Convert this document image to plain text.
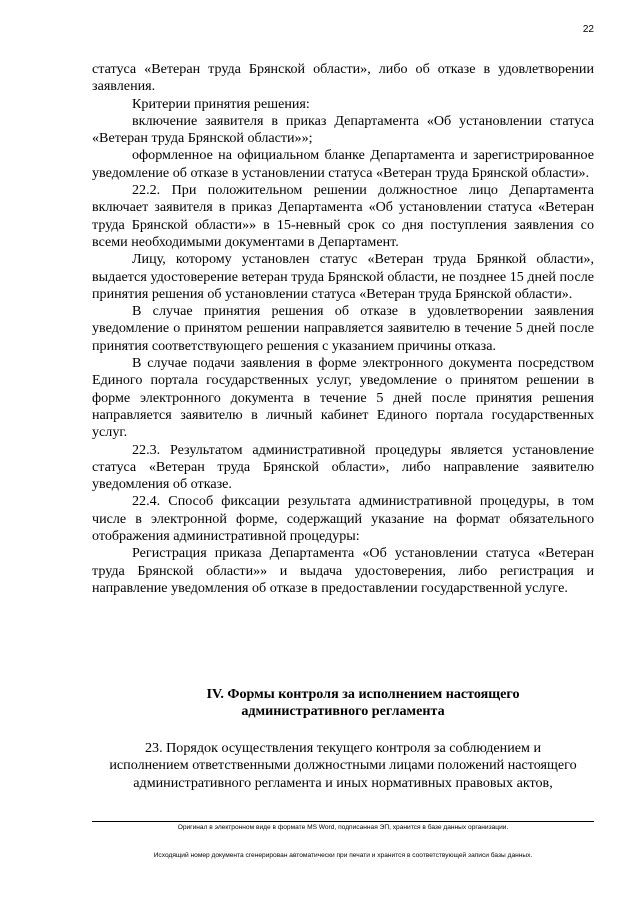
22

статуса «Ветеран труда Брянской области», либо об отказе в удовлетворении заявления.

Критерии принятия решения:

включение заявителя в приказ Департамента «Об установлении статуса «Ветеран труда Брянской области»»;

оформленное на официальном бланке Департамента и зарегистрированное уведомление об отказе в установлении статуса «Ветеран труда Брянской области».

22.2. При положительном решении должностное лицо Департамента включает заявителя в приказ Департамента «Об установлении статуса «Ветеран труда Брянской области»» в 15-невный срок со дня поступления заявления со всеми необходимыми документами в Департамент.

Лицу, которому установлен статус «Ветеран труда Брянкой области», выдается удостоверение ветеран труда Брянской области, не позднее 15 дней после принятия решения об установлении статуса «Ветеран труда Брянской области».

В случае принятия решения об отказе в удовлетворении заявления уведомление о принятом решении направляется заявителю в течение 5 дней после принятия соответствующего решения с указанием причины отказа.

В случае подачи заявления в форме электронного документа посредством Единого портала государственных услуг, уведомление о принятом решении в форме электронного документа в течение 5 дней после принятия решения направляется заявителю в личный кабинет Единого портала государственных услуг.

22.3. Результатом административной процедуры является установление статуса «Ветеран труда Брянской области», либо направление заявителю уведомления об отказе.

22.4. Способ фиксации результата административной процедуры, в том числе в электронной форме, содержащий указание на формат обязательного отображения административной процедуры:

Регистрация приказа Департамента «Об установлении статуса «Ветеран труда Брянской области»» и выдача удостоверения, либо регистрация и направление уведомления об отказе в предоставлении государственной услуге.

IV. Формы контроля за исполнением настоящего
административного регламента
23. Порядок осуществления текущего контроля за соблюдением и
исполнением ответственными должностными лицами положений настоящего
административного регламента и иных нормативных правовых актов,
Оригинал в электронном виде в формате MS Word, подписанная ЭП, хранится в базе данных организации.
Исходящий номер документа сгенерирован автоматически при печати и хранится в соответствующей записи базы данных.
